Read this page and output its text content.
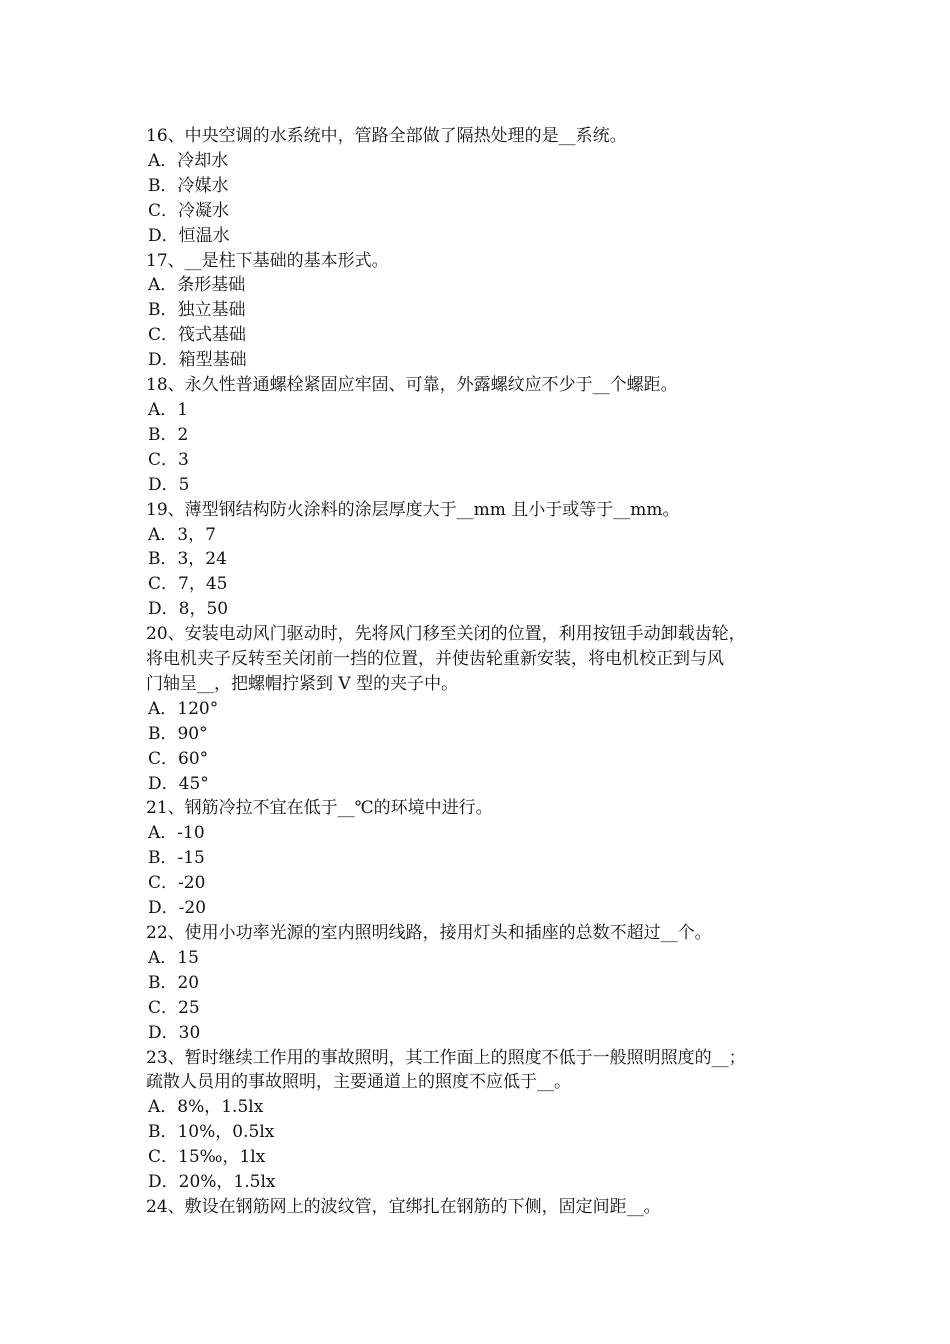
16、中央空调的水系统中，管路全部做了隔热处理的是__系统。
A．冷却水
B．冷媒水
C．冷凝水
D．恒温水
17、__是柱下基础的基本形式。
A．条形基础
B．独立基础
C．筏式基础
D．箱型基础
18、永久性普通螺栓紧固应牢固、可靠，外露螺纹应不少于__个螺距。
A．1
B．2
C．3
D．5
19、薄型钢结构防火涂料的涂层厚度大于__mm 且小于或等于__mm。
A．3，7
B．3，24
C．7，45
D．8，50
20、安装电动风门驱动时，先将风门移至关闭的位置，利用按钮手动卸载齿轮，
将电机夹子反转至关闭前一挡的位置，并使齿轮重新安装，将电机校正到与风
门轴呈__，把螺帽拧紧到 V 型的夹子中。
A．120°
B．90°
C．60°
D．45°
21、钢筋冷拉不宜在低于__℃的环境中进行。
A．-10
B．-15
C．-20
D．-20
22、使用小功率光源的室内照明线路，接用灯头和插座的总数不超过__个。
A．15
B．20
C．25
D．30
23、暂时继续工作用的事故照明，其工作面上的照度不低于一般照明照度的__；
疏散人员用的事故照明，主要通道上的照度不应低于__。
A．8%，1.5lx
B．10%，0.5lx
C．15‰，1lx
D．20%，1.5lx
24、敷设在钢筋网上的波纹管，宜绑扎在钢筋的下侧，固定间距__。
